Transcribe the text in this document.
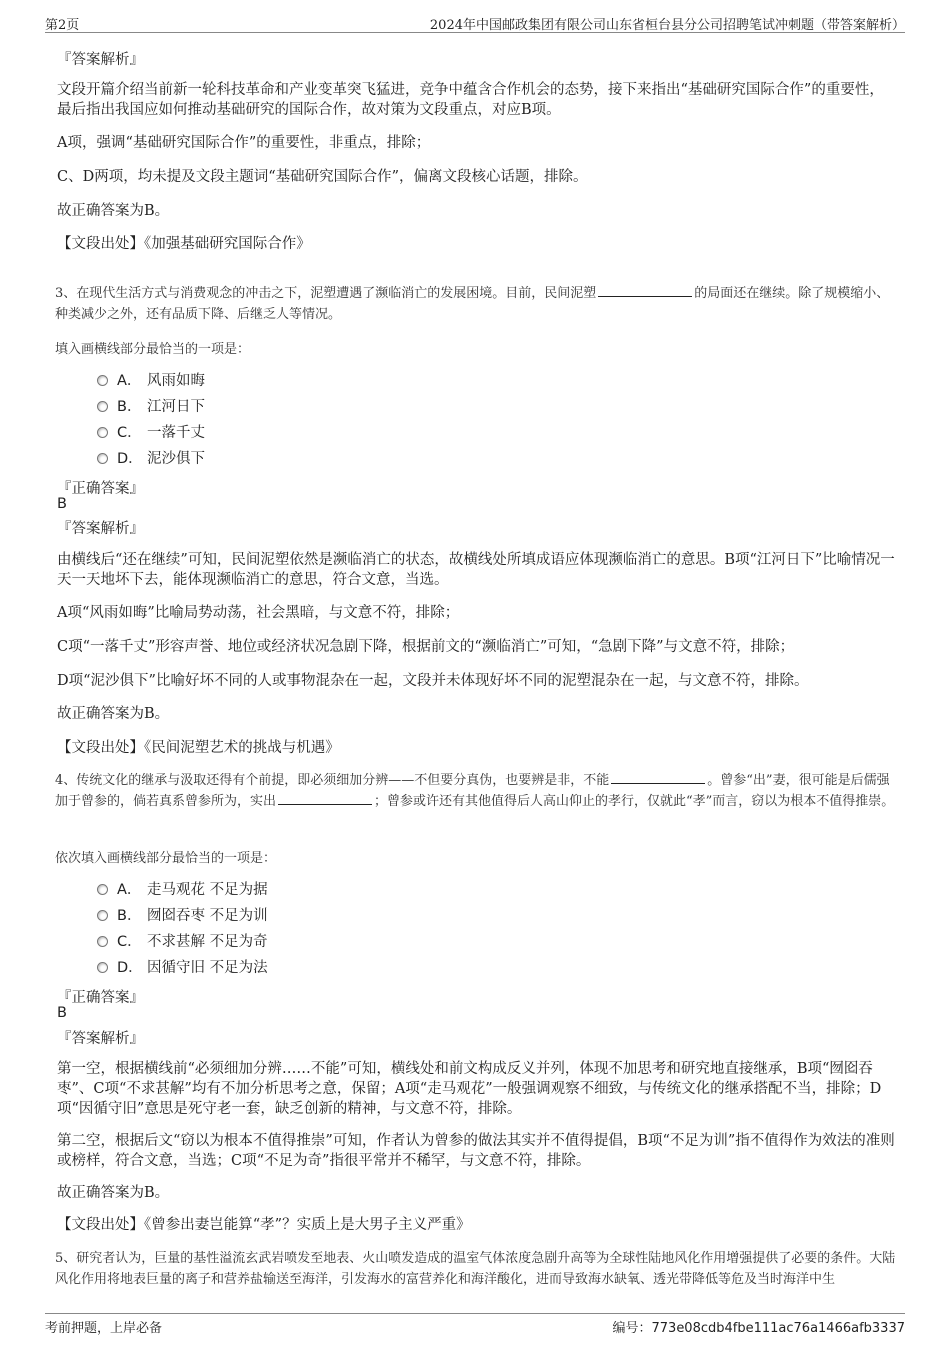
第2页	2024年中国邮政集团有限公司山东省桓台县分公司招聘笔试冲刺题（带答案解析）
『答案解析』
文段开篇介绍当前新一轮科技革命和产业变革突飞猛进，竞争中蕴含合作机会的态势，接下来指出“基础研究国际合作”的重要性，最后指出我国应如何推动基础研究的国际合作，故对策为文段重点，对应B项。
A项，强调“基础研究国际合作”的重要性，非重点，排除；
C、D两项，均未提及文段主题词“基础研究国际合作”，偏离文段核心话题，排除。
故正确答案为B。
【文段出处】《加强基础研究国际合作》
3、在现代生活方式与消费观念的冲击之下，泥塑遭遇了濒临消亡的发展困境。目前，民间泥塑	的局面还在继续。除了规模缩小、种类减少之外，还有品质下降、后继乏人等情况。
填入画横线部分最恰当的一项是：
A． 风雨如晦
B． 江河日下
C． 一落千丈
D． 泥沙俱下
『正确答案』
B
『答案解析』
由横线后“还在继续”可知，民间泥塑依然是濒临消亡的状态，故横线处所填成语应体现濒临消亡的意思。B项“江河日下”比喻情况一天一天地坏下去，能体现濒临消亡的意思，符合文意，当选。
A项“风雨如晦”比喻局势动荡，社会黑暗，与文意不符，排除；
C项“一落千丈”形容声誉、地位或经济状况急剧下降，根据前文的“濒临消亡”可知，“急剧下降”与文意不符，排除；
D项“泥沙俱下”比喻好坏不同的人或事物混杂在一起，文段并未体现好坏不同的泥塑混杂在一起，与文意不符，排除。
故正确答案为B。
【文段出处】《民间泥塑艺术的挑战与机遇》
4、传统文化的继承与汲取还得有个前提，即必须细加分辨——不但要分真伪，也要辨是非，不能	。曾参“出”妻，很可能是后儒强加于曾参的，倘若真系曾参所为，实出	；曾参或许还有其他值得后人高山仰止的孝行，仅就此“孝”而言，窃以为根本不值得推崇。
依次填入画横线部分最恰当的一项是：
A． 走马观花 不足为据
B． 囫囵吞枣 不足为训
C． 不求甚解 不足为奇
D． 因循守旧 不足为法
『正确答案』
B
『答案解析』
第一空，根据横线前“必须细加分辨……不能”可知，横线处和前文构成反义并列，体现不加思考和研究地直接继承，B项“囫囵吞枣”、C项“不求甚解”均有不加分析思考之意，保留；A项“走马观花”一般强调观察不细致，与传统文化的继承搭配不当，排除；D项“因循守旧”意思是死守老一套，缺乏创新的精神，与文意不符，排除。
第二空，根据后文“窃以为根本不值得推崇”可知，作者认为曾参的做法其实并不值得提倡，B项“不足为训”指不值得作为效法的准则或榜样，符合文意，当选；C项“不足为奇”指很平常并不稀罕，与文意不符，排除。
故正确答案为B。
【文段出处】《曾参出妻岂能算“孝”？实质上是大男子主义严重》
5、研究者认为，巨量的基性溢流玄武岩喷发至地表、火山喷发造成的温室气体浓度急剧升高等为全球性陆地风化作用增强提供了必要的条件。大陆风化作用将地表巨量的离子和营养盐输送至海洋，引发海水的富营养化和海洋酸化，进而导致海水缺氧、透光带降低等危及当时海洋中生
考前押题，上岸必备	编号：773e08cdb4fbe111ac76a1466afb3337
